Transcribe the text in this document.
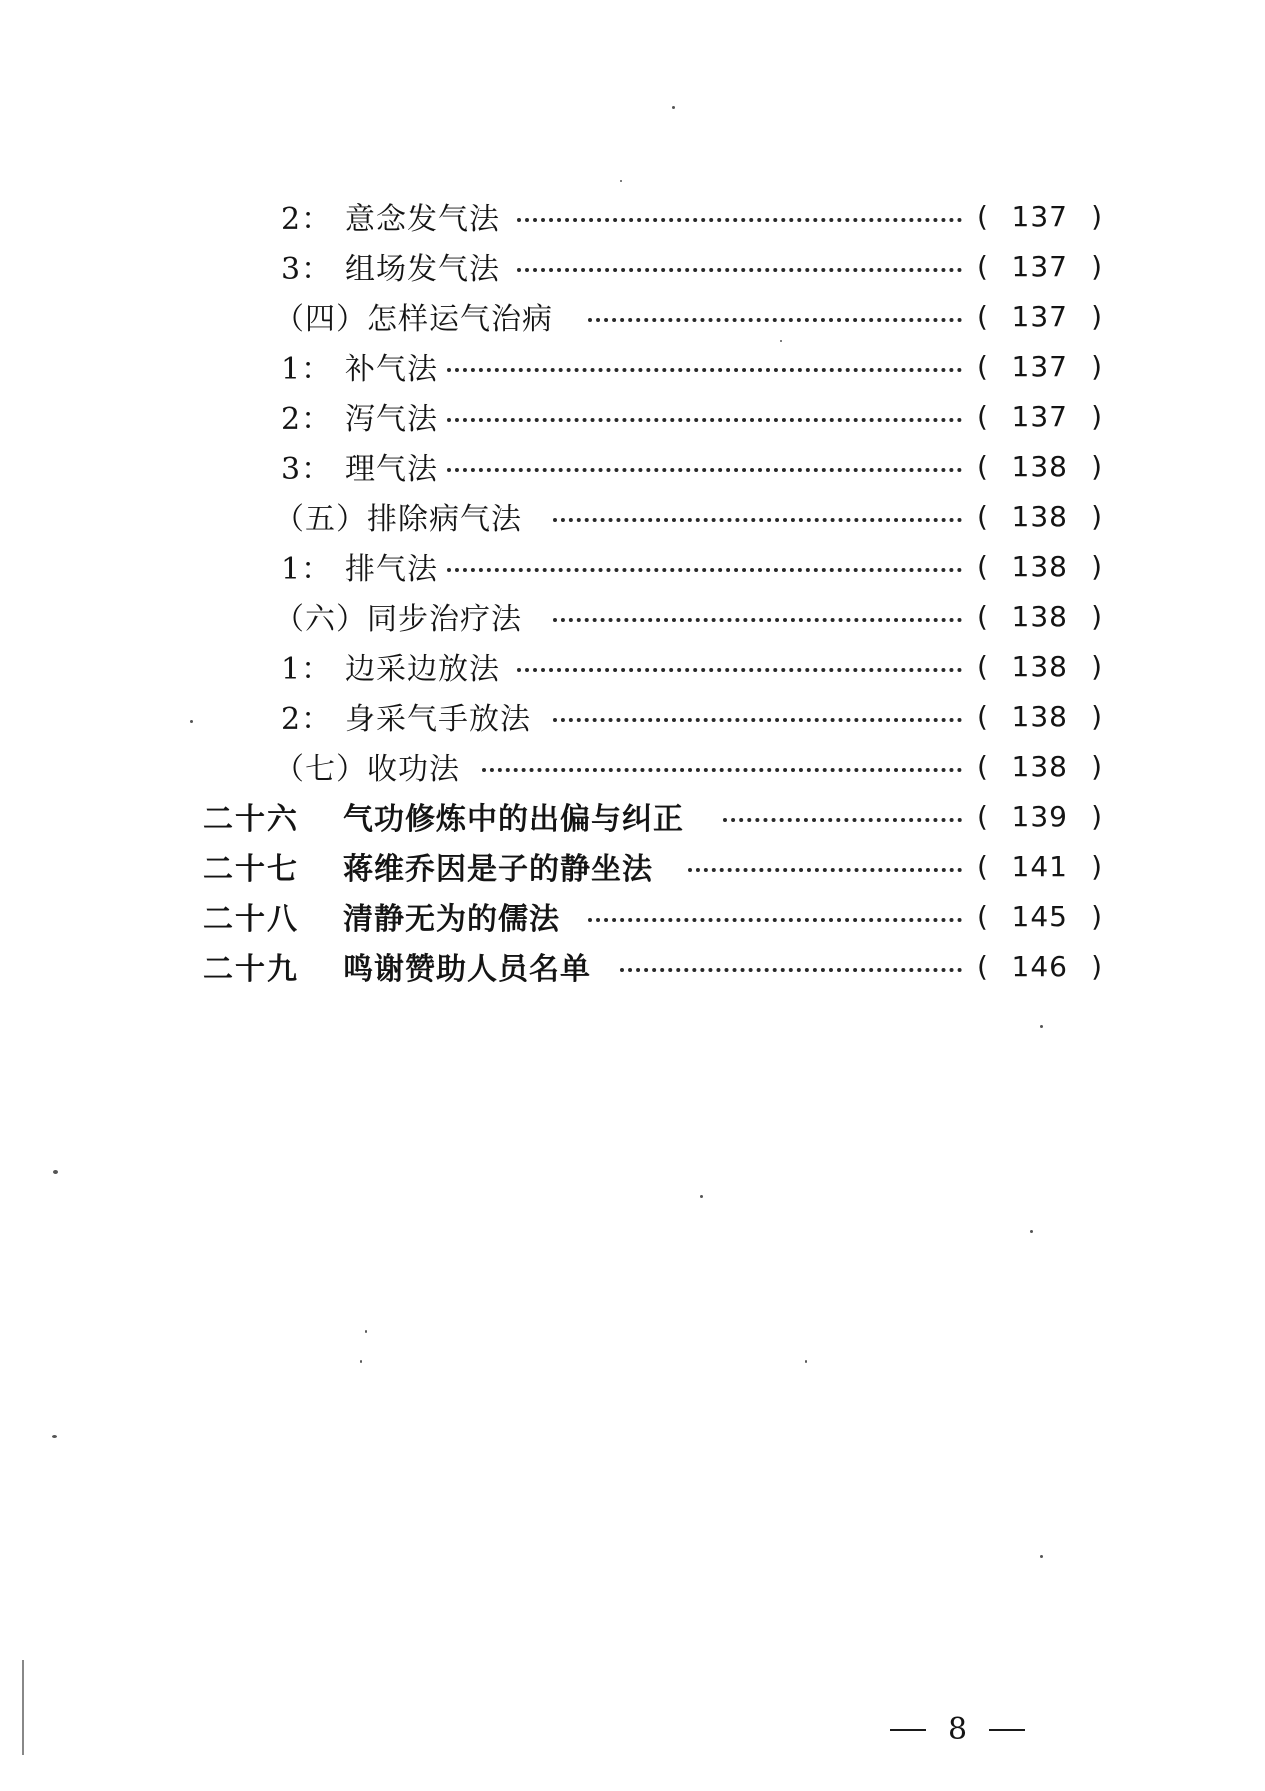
2： 意念发气法	( 137 )
3： 组场发气法	( 137 )
（四）怎样运气治病	( 137 )
1： 补气法	( 137 )
2： 泻气法	( 137 )
3： 理气法	( 138 )
（五）排除病气法	( 138 )
1： 排气法	( 138 )
（六）同步治疗法	( 138 )
1： 边采边放法	( 138 )
2： 身采气手放法	( 138 )
（七）收功法	( 138 )
二十六	气功修炼中的出偏与纠正	( 139 )
二十七	蒋维乔因是子的静坐法	( 141 )
二十八	清静无为的儒法	( 145 )
二十九	鸣谢赞助人员名单	( 146 )
8
